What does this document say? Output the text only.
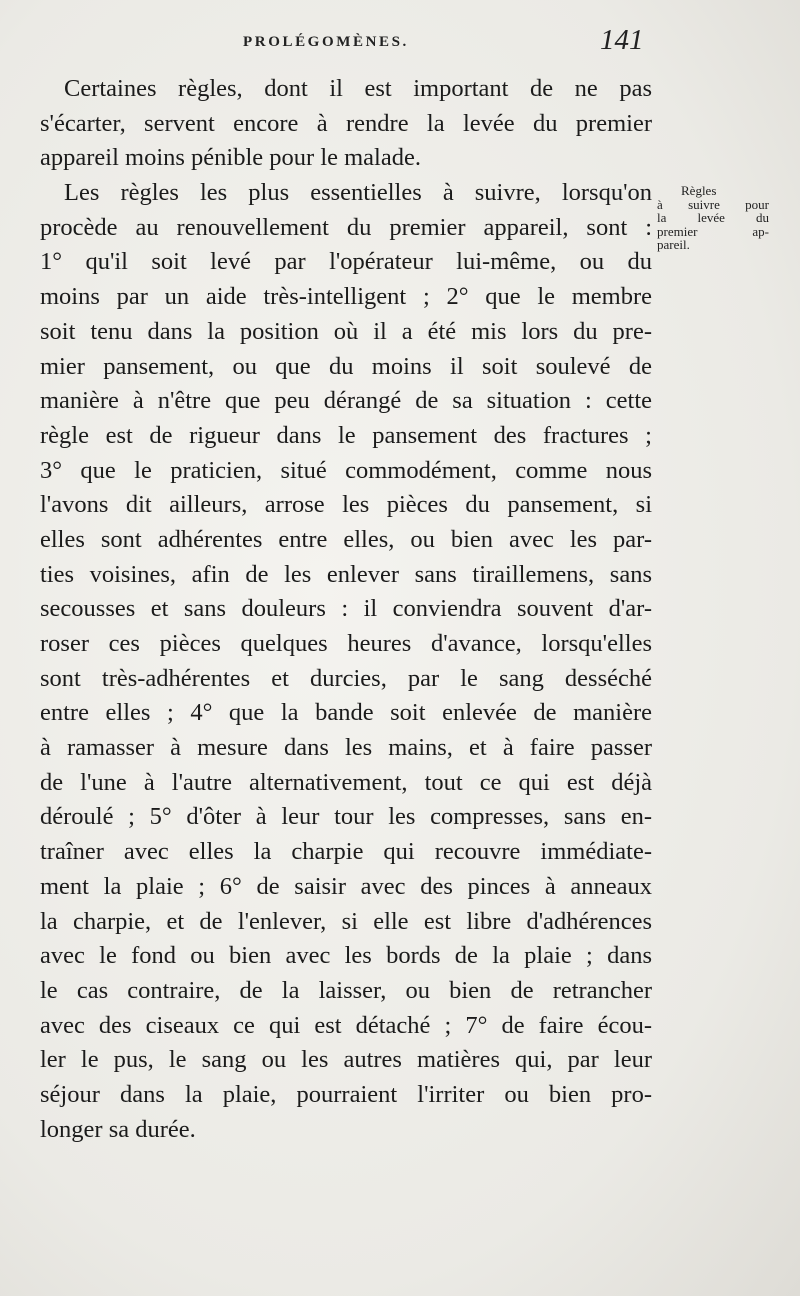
PROLÉGOMÈNES.	141
Règles
à suivre pour
la levée du
premier ap-
pareil.
Certaines règles, dont il est important de ne pas
s'écarter, servent encore à rendre la levée du premier
appareil moins pénible pour le malade.
Les règles les plus essentielles à suivre, lorsqu'on
procède au renouvellement du premier appareil, sont :
1° qu'il soit levé par l'opérateur lui-même, ou du
moins par un aide très-intelligent ; 2° que le membre
soit tenu dans la position où il a été mis lors du pre-
mier pansement, ou que du moins il soit soulevé de
manière à n'être que peu dérangé de sa situation : cette
règle est de rigueur dans le pansement des fractures ;
3° que le praticien, situé commodément, comme nous
l'avons dit ailleurs, arrose les pièces du pansement, si
elles sont adhérentes entre elles, ou bien avec les par-
ties voisines, afin de les enlever sans tiraillemens, sans
secousses et sans douleurs : il conviendra souvent d'ar-
roser ces pièces quelques heures d'avance, lorsqu'elles
sont très-adhérentes et durcies, par le sang desséché
entre elles ; 4° que la bande soit enlevée de manière
à ramasser à mesure dans les mains, et à faire passer
de l'une à l'autre alternativement, tout ce qui est déjà
déroulé ; 5° d'ôter à leur tour les compresses, sans en-
traîner avec elles la charpie qui recouvre immédiate-
ment la plaie ; 6° de saisir avec des pinces à anneaux
la charpie, et de l'enlever, si elle est libre d'adhérences
avec le fond ou bien avec les bords de la plaie ; dans
le cas contraire, de la laisser, ou bien de retrancher
avec des ciseaux ce qui est détaché ; 7° de faire écou-
ler le pus, le sang ou les autres matières qui, par leur
séjour dans la plaie, pourraient l'irriter ou bien pro-
longer sa durée.
